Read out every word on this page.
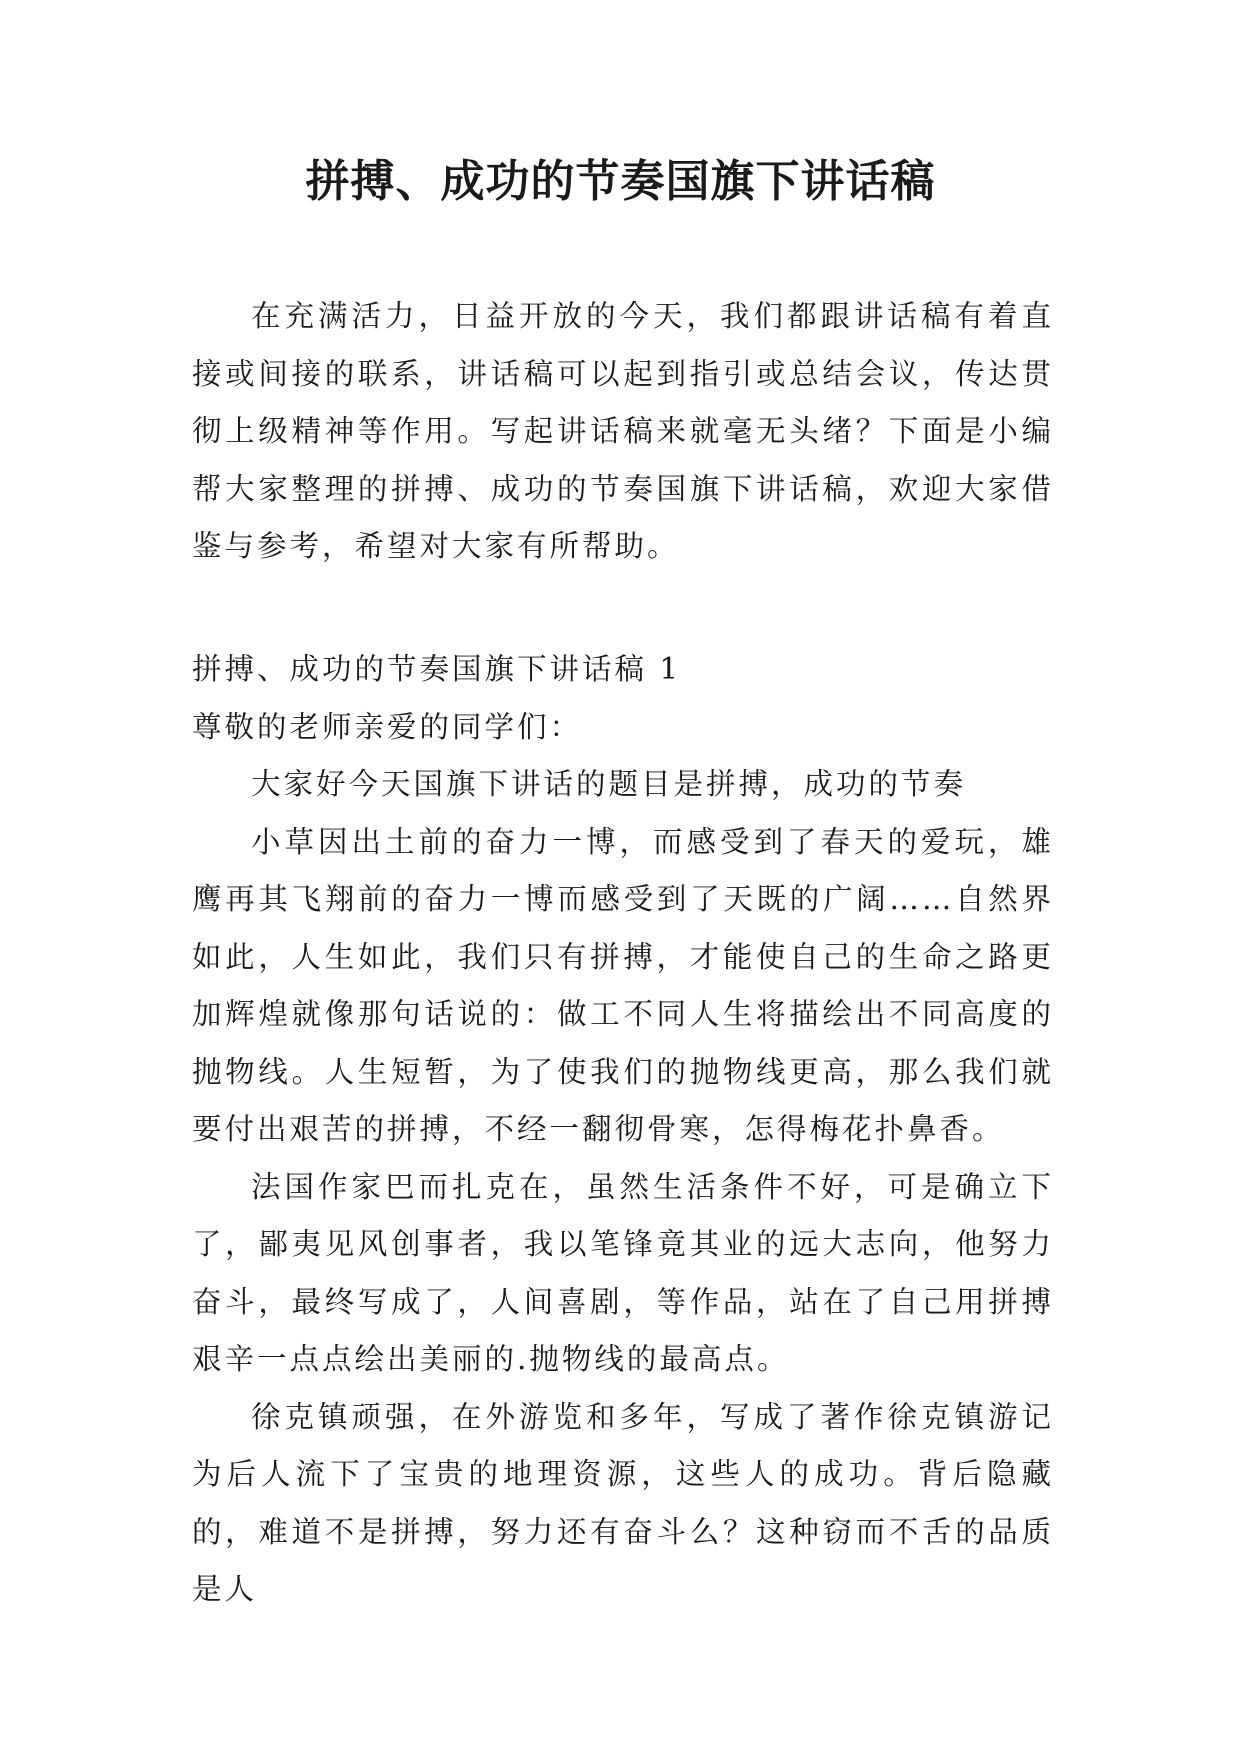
拼搏、成功的节奏国旗下讲话稿

在充满活力，日益开放的今天，我们都跟讲话稿有着直接或间接的联系，讲话稿可以起到指引或总结会议，传达贯彻上级精神等作用。写起讲话稿来就毫无头绪？下面是小编帮大家整理的拼搏、成功的节奏国旗下讲话稿，欢迎大家借鉴与参考，希望对大家有所帮助。

拼搏、成功的节奏国旗下讲话稿 1

尊敬的老师亲爱的同学们：

大家好今天国旗下讲话的题目是拼搏，成功的节奏

小草因出土前的奋力一博，而感受到了春天的爱玩，雄鹰再其飞翔前的奋力一博而感受到了天既的广阔……自然界如此，人生如此，我们只有拼搏，才能使自己的生命之路更加辉煌就像那句话说的：做工不同人生将描绘出不同高度的抛物线。人生短暂，为了使我们的抛物线更高，那么我们就要付出艰苦的拼搏，不经一翻彻骨寒，怎得梅花扑鼻香。

法国作家巴而扎克在，虽然生活条件不好，可是确立下了，鄙夷见风创事者，我以笔锋竟其业的远大志向，他努力奋斗，最终写成了，人间喜剧，等作品，站在了自己用拼搏艰辛一点点绘出美丽的.抛物线的最高点。

徐克镇顽强，在外游览和多年，写成了著作徐克镇游记为后人流下了宝贵的地理资源，这些人的成功。背后隐藏的，难道不是拼搏，努力还有奋斗么？这种窃而不舌的品质是人
